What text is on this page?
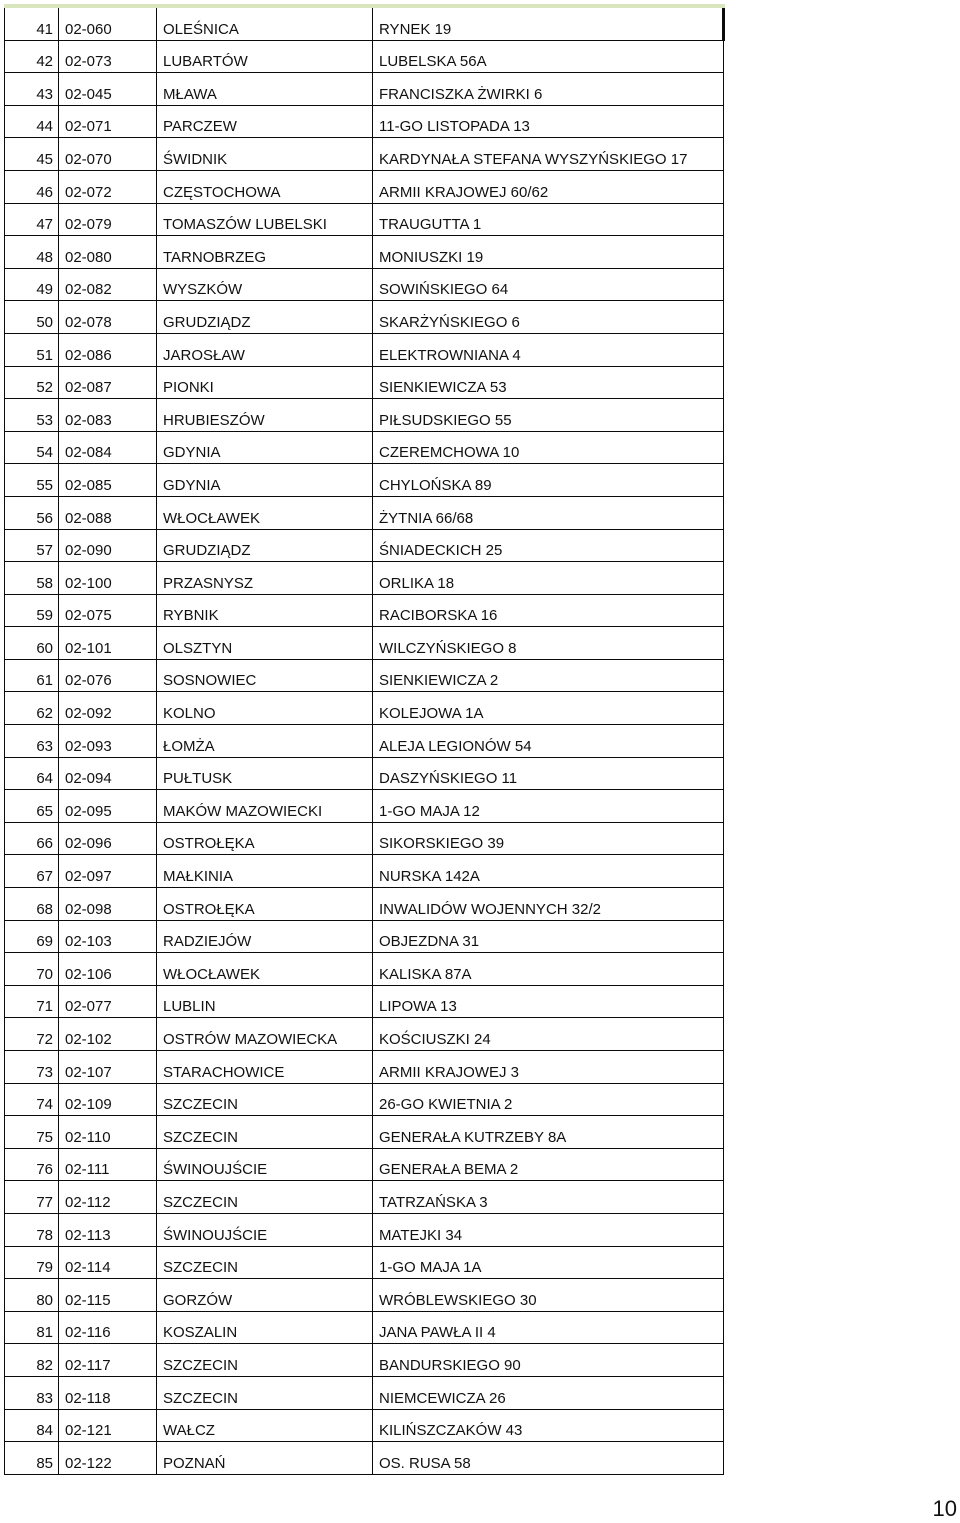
41	02-060	OLEŚNICA	RYNEK 19

42	02-073	LUBARTÓW	LUBELSKA 56A

43	02-045	MŁAWA	FRANCISZKA ŻWIRKI 6

44	02-071	PARCZEW	11-GO LISTOPADA 13

45	02-070	ŚWIDNIK	KARDYNAŁA STEFANA WYSZYŃSKIEGO 17

46	02-072	CZĘSTOCHOWA	ARMII KRAJOWEJ 60/62

47	02-079	TOMASZÓW LUBELSKI	TRAUGUTTA 1

48	02-080	TARNOBRZEG	MONIUSZKI 19

49	02-082	WYSZKÓW	SOWIŃSKIEGO 64

50	02-078	GRUDZIĄDZ	SKARŻYŃSKIEGO 6

51	02-086	JAROSŁAW	ELEKTROWNIANA 4

52	02-087	PIONKI	SIENKIEWICZA 53

53	02-083	HRUBIESZÓW	PIŁSUDSKIEGO 55

54	02-084	GDYNIA	CZEREMCHOWA 10

55	02-085	GDYNIA	CHYLOŃSKA 89

56	02-088	WŁOCŁAWEK	ŻYTNIA 66/68

57	02-090	GRUDZIĄDZ	ŚNIADECKICH 25

58	02-100	PRZASNYSZ	ORLIKA 18

59	02-075	RYBNIK	RACIBORSKA 16

60	02-101	OLSZTYN	WILCZYŃSKIEGO 8

61	02-076	SOSNOWIEC	SIENKIEWICZA 2

62	02-092	KOLNO	KOLEJOWA 1A

63	02-093	ŁOMŻA	ALEJA LEGIONÓW 54

64	02-094	PUŁTUSK	DASZYŃSKIEGO 11

65	02-095	MAKÓW MAZOWIECKI	1-GO MAJA 12

66	02-096	OSTROŁĘKA	SIKORSKIEGO 39

67	02-097	MAŁKINIA	NURSKA 142A

68	02-098	OSTROŁĘKA	INWALIDÓW WOJENNYCH 32/2

69	02-103	RADZIEJÓW	OBJEZDNA 31

70	02-106	WŁOCŁAWEK	KALISKA 87A

71	02-077	LUBLIN	LIPOWA 13

72	02-102	OSTRÓW MAZOWIECKA	KOŚCIUSZKI 24

73	02-107	STARACHOWICE	ARMII KRAJOWEJ 3

74	02-109	SZCZECIN	26-GO KWIETNIA 2

75	02-110	SZCZECIN	GENERAŁA KUTRZEBY 8A

76	02-111	ŚWINOUJŚCIE	GENERAŁA BEMA 2

77	02-112	SZCZECIN	TATRZAŃSKA 3

78	02-113	ŚWINOUJŚCIE	MATEJKI 34

79	02-114	SZCZECIN	1-GO MAJA 1A

80	02-115	GORZÓW	WRÓBLEWSKIEGO 30

81	02-116	KOSZALIN	JANA PAWŁA II 4

82	02-117	SZCZECIN	BANDURSKIEGO 90

83	02-118	SZCZECIN	NIEMCEWICZA 26

84	02-121	WAŁCZ	KILIŃSZCZAKÓW 43

85	02-122	POZNAŃ	OS. RUSA 58
10
